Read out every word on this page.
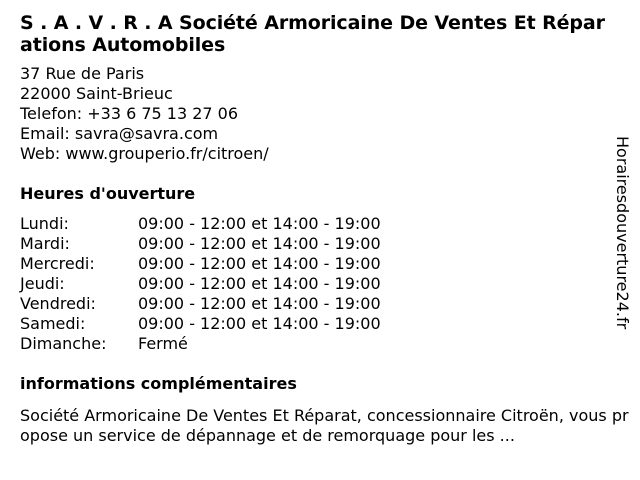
S . A . V . R . A Société Armoricaine De Ventes Et Réparations Automobiles
37 Rue de Paris
22000 Saint-Brieuc
Telefon: +33 6 75 13 27 06
Email: savra@savra.com
Web: www.grouperio.fr/citroen/
Heures d'ouverture
Lundi:	09:00 - 12:00 et 14:00 - 19:00
Mardi:	09:00 - 12:00 et 14:00 - 19:00
Mercredi:	09:00 - 12:00 et 14:00 - 19:00
Jeudi:	09:00 - 12:00 et 14:00 - 19:00
Vendredi:	09:00 - 12:00 et 14:00 - 19:00
Samedi:	09:00 - 12:00 et 14:00 - 19:00
Dimanche:	Fermé
informations complémentaires
Société Armoricaine De Ventes Et Réparat, concessionnaire Citroën, vous propose un service de dépannage et de remorquage pour les ...
Horairesdouverture24.fr
